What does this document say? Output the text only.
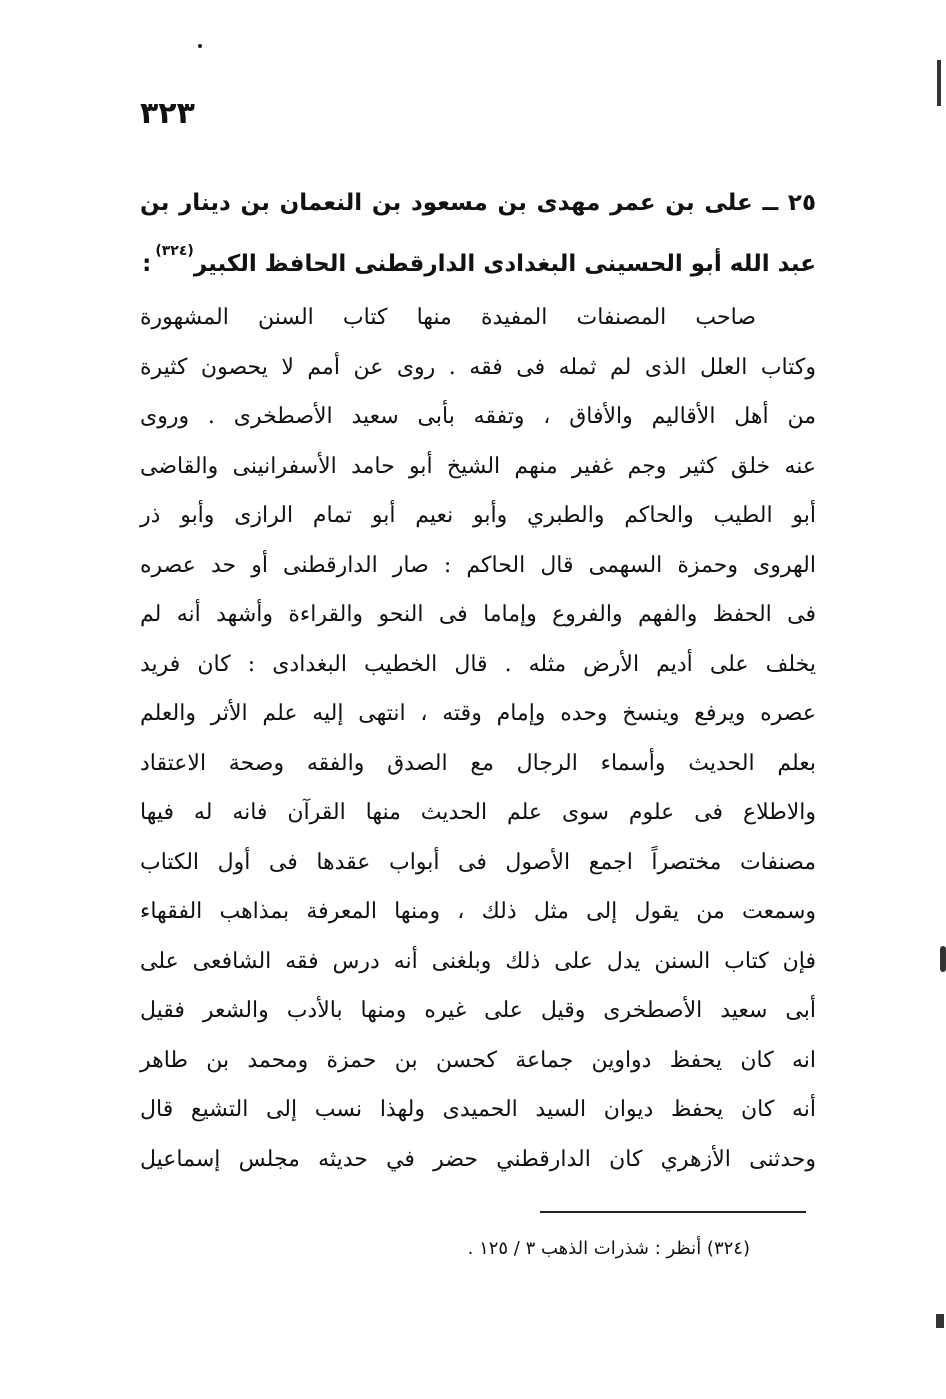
٣٢٣
٢٥ ــ على بن عمر مهدى بن مسعود بن النعمان بن دينار بن
عبد الله أبو الحسينى البغدادى الدارقطنى الحافظ الكبير$^{(٣٢٤)}$:
صاحب المصنفات المفيدة منها كتاب السنن المشهورة
وكتاب العلل الذى لم ثمله فى فقه . روى عن أمم لا يحصون كثيرة
من أهل الأقاليم والأفاق ، وتفقه بأبى سعيد الأصطخرى . وروى
عنه خلق كثير وجم غفير منهم الشيخ أبو حامد الأسفرانينى والقاضى
أبو الطيب والحاكم والطبري وأبو نعيم أبو تمام الرازى وأبو ذر
الهروى وحمزة السهمى قال الحاكم : صار الدارقطنى أو حد عصره
فى الحفظ والفهم والفروع وإماما فى النحو والقراءة وأشهد أنه لم
يخلف على أديم الأرض مثله . قال الخطيب البغدادى : كان فريد
عصره ويرفع وينسخ وحده وإمام وقته ، انتهى إليه علم الأثر والعلم
بعلم الحديث وأسماء الرجال مع الصدق والفقه وصحة الاعتقاد
والاطلاع فى علوم سوى علم الحديث منها القرآن فانه له فيها
مصنفات مختصراً اجمع الأصول فى أبواب عقدها فى أول الكتاب
وسمعت من يقول إلى مثل ذلك ، ومنها المعرفة بمذاهب الفقهاء
فإن كتاب السنن يدل على ذلك وبلغنى أنه درس فقه الشافعى على
أبى سعيد الأصطخرى وقيل على غيره ومنها بالأدب والشعر فقيل
انه كان يحفظ دواوين جماعة كحسن بن حمزة ومحمد بن طاهر
أنه كان يحفظ ديوان السيد الحميدى ولهذا نسب إلى التشيع قال
وحدثنى الأزهري كان الدارقطني حضر في حديثه مجلس إسماعيل
(٣٢٤) أنظر : شذرات الذهب ٣ / ١٢٥ .
